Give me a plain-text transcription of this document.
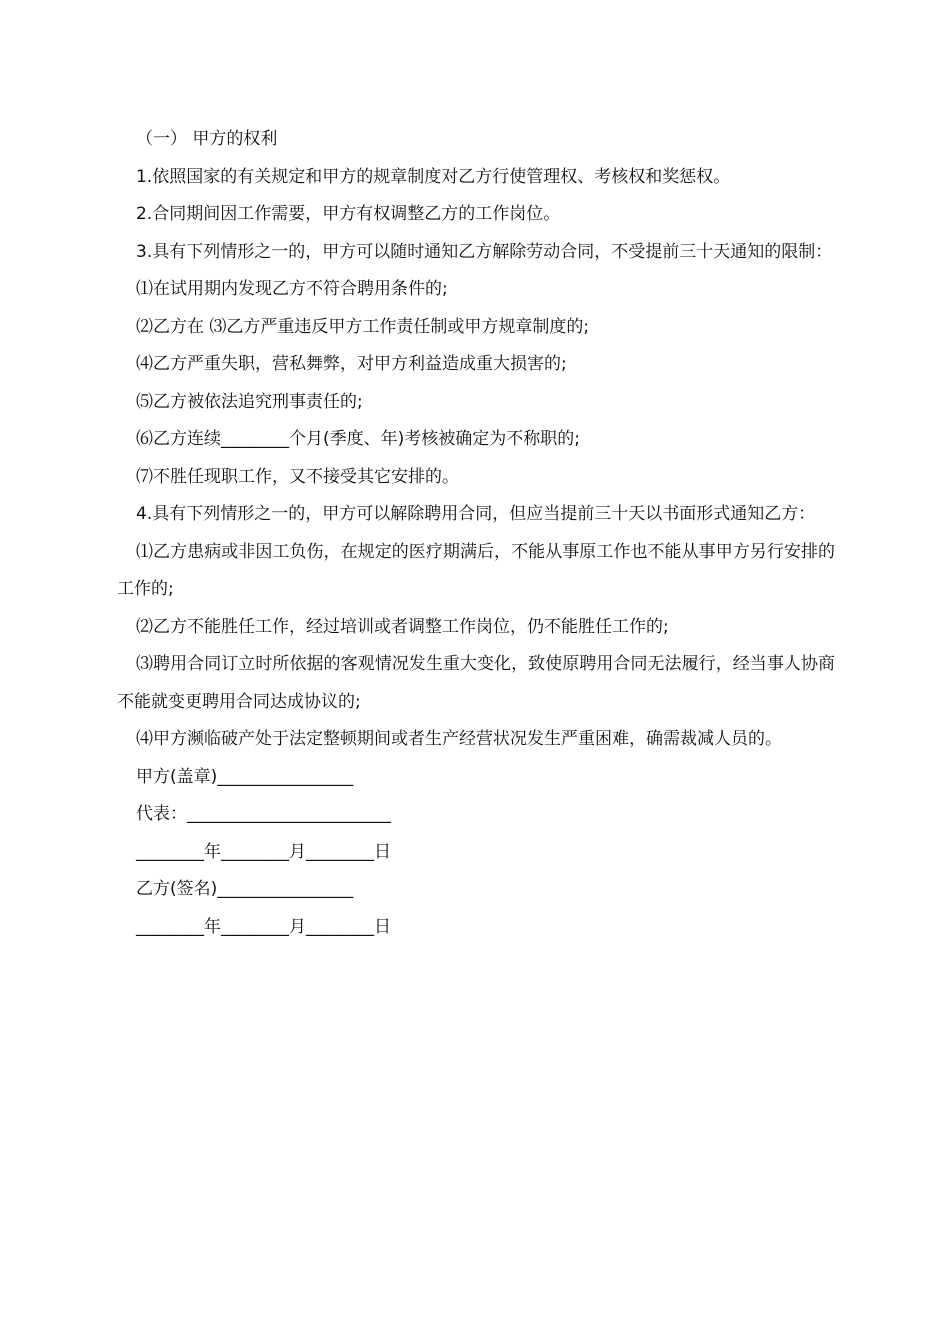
（一） 甲方的权利

1.依照国家的有关规定和甲方的规章制度对乙方行使管理权、考核权和奖惩权。

2.合同期间因工作需要，甲方有权调整乙方的工作岗位。

3.具有下列情形之一的，甲方可以随时通知乙方解除劳动合同，不受提前三十天通知的限制：

⑴在试用期内发现乙方不符合聘用条件的;

⑵乙方在 ⑶乙方严重违反甲方工作责任制或甲方规章制度的;

⑷乙方严重失职，营私舞弊，对甲方利益造成重大损害的;

⑸乙方被依法追究刑事责任的;

⑹乙方连续________个月(季度、年)考核被确定为不称职的;

⑺不胜任现职工作，又不接受其它安排的。

4.具有下列情形之一的，甲方可以解除聘用合同，但应当提前三十天以书面形式通知乙方：

⑴乙方患病或非因工负伤，在规定的医疗期满后，不能从事原工作也不能从事甲方另行安排的工作的;

⑵乙方不能胜任工作，经过培训或者调整工作岗位，仍不能胜任工作的;

⑶聘用合同订立时所依据的客观情况发生重大变化，致使原聘用合同无法履行，经当事人协商不能就变更聘用合同达成协议的;

⑷甲方濒临破产处于法定整顿期间或者生产经营状况发生严重困难，确需裁减人员的。

甲方(盖章)________________

代表：________________________

________年________月________日

乙方(签名)________________

________年________月________日
